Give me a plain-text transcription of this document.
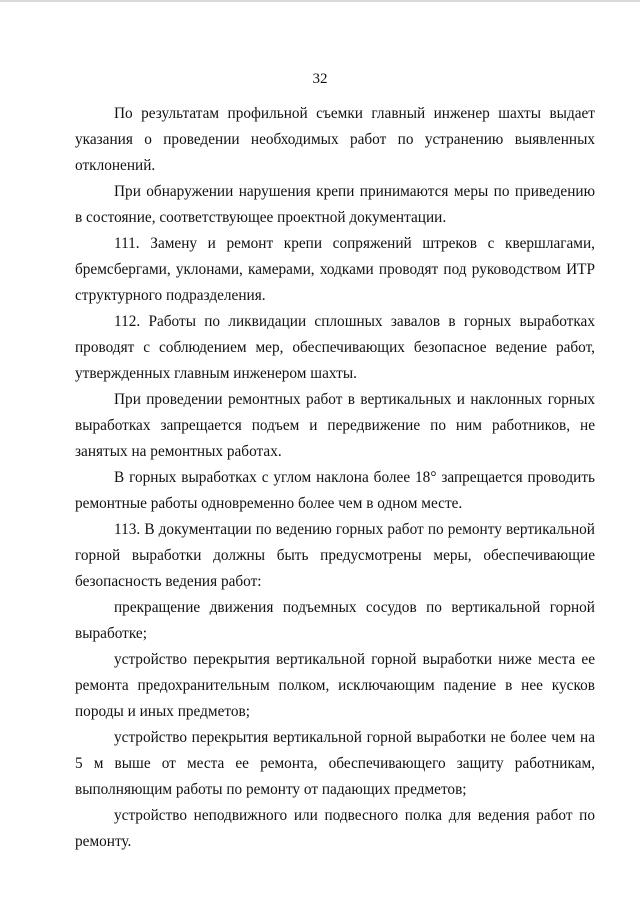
32

По результатам профильной съемки главный инженер шахты выдает указания о проведении необходимых работ по устранению выявленных отклонений.

При обнаружении нарушения крепи принимаются меры по приведению в состояние, соответствующее проектной документации.

111. Замену и ремонт крепи сопряжений штреков с квершлагами, бремсбергами, уклонами, камерами, ходками проводят под руководством ИТР структурного подразделения.

112. Работы по ликвидации сплошных завалов в горных выработках проводят с соблюдением мер, обеспечивающих безопасное ведение работ, утвержденных главным инженером шахты.

При проведении ремонтных работ в вертикальных и наклонных горных выработках запрещается подъем и передвижение по ним работников, не занятых на ремонтных работах.

В горных выработках с углом наклона более 18° запрещается проводить ремонтные работы одновременно более чем в одном месте.

113. В документации по ведению горных работ по ремонту вертикальной горной выработки должны быть предусмотрены меры, обеспечивающие безопасность ведения работ:

прекращение движения подъемных сосудов по вертикальной горной выработке;

устройство перекрытия вертикальной горной выработки ниже места ее ремонта предохранительным полком, исключающим падение в нее кусков породы и иных предметов;

устройство перекрытия вертикальной горной выработки не более чем на 5 м выше от места ее ремонта, обеспечивающего защиту работникам, выполняющим работы по ремонту от падающих предметов;

устройство неподвижного или подвесного полка для ведения работ по ремонту.
